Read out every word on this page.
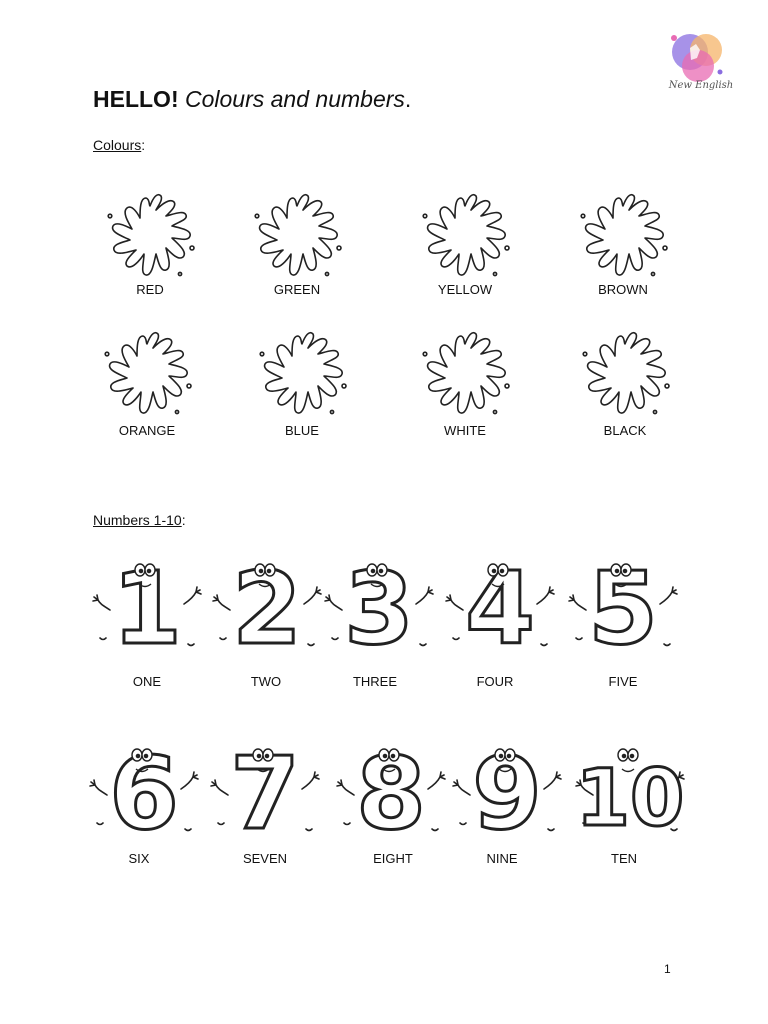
New English
HELLO! Colours and numbers.
Colours:
RED	GREEN	YELLOW	BROWN
ORANGE	BLUE	WHITE	BLACK
Numbers 1-10:
1
ONE
2
TWO
3
THREE
4
FOUR
5
FIVE
6
SIX
7
SEVEN
8
EIGHT
9
NINE
10
TEN
1
